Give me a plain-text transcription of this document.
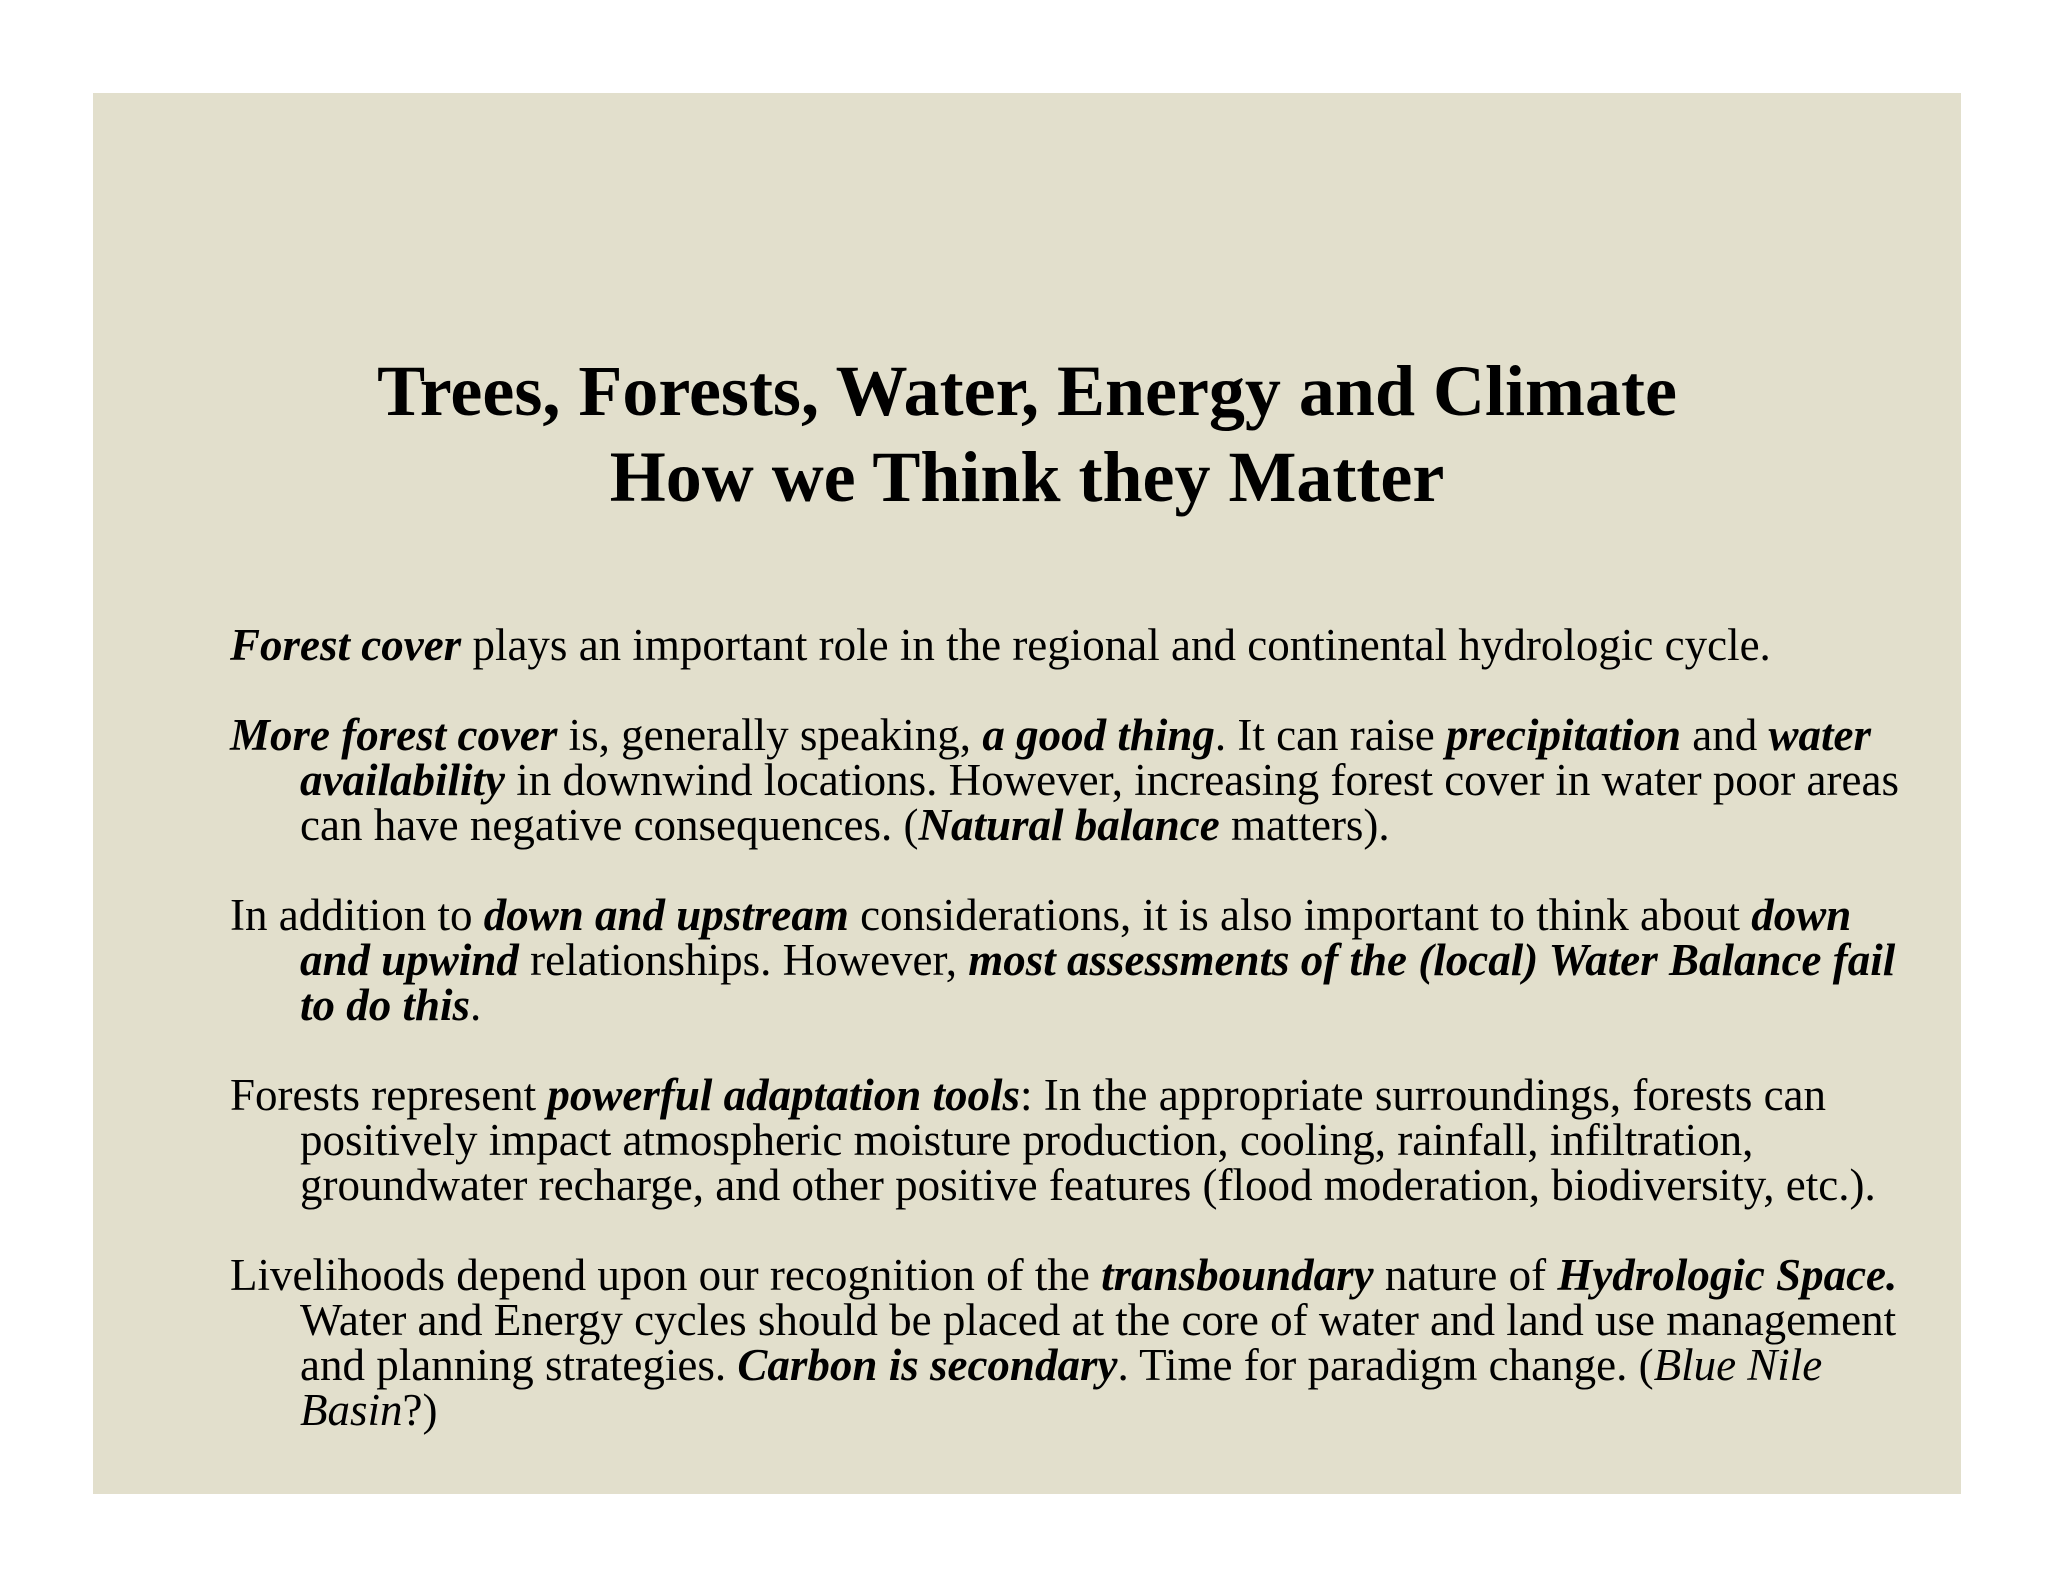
Trees, Forests, Water, Energy and Climate
How we Think they Matter

Forest cover plays an important role in the regional and continental hydrologic cycle.

More forest cover is, generally speaking, a good thing. It can raise precipitation and water availability in downwind locations. However, increasing forest cover in water poor areas can have negative consequences. (Natural balance matters).

In addition to down and upstream considerations, it is also important to think about down and upwind relationships. However, most assessments of the (local) Water Balance fail to do this.

Forests represent powerful adaptation tools: In the appropriate surroundings, forests can positively impact atmospheric moisture production, cooling, rainfall, infiltration, groundwater recharge, and other positive features (flood moderation, biodiversity, etc.).

Livelihoods depend upon our recognition of the transboundary nature of Hydrologic Space. Water and Energy cycles should be placed at the core of water and land use management and planning strategies. Carbon is secondary. Time for paradigm change. (Blue Nile Basin?)
